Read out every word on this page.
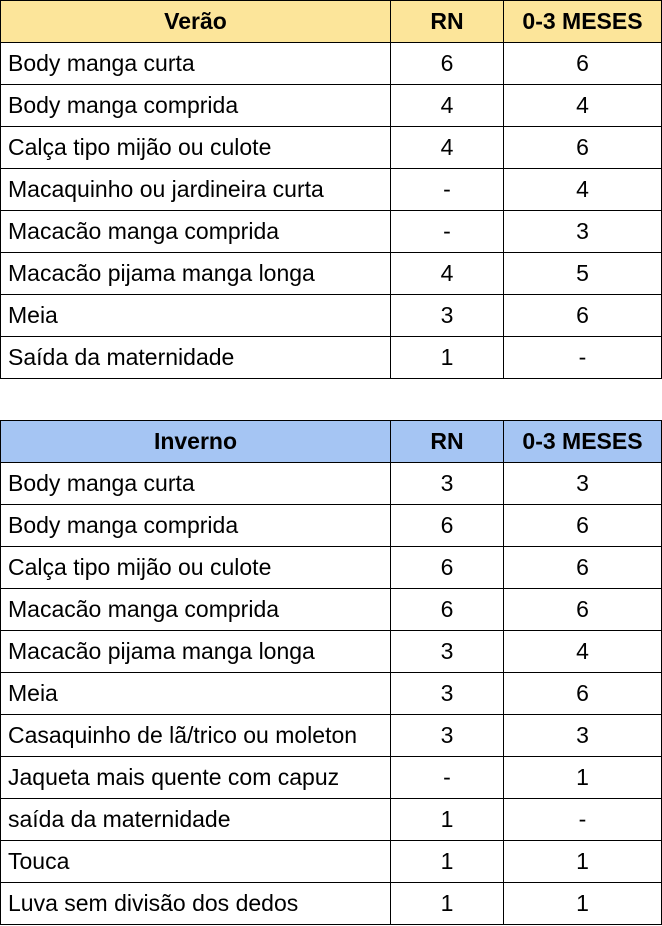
Verão	RN	0-3 MESES
Body manga curta	6	6
Body manga comprida	4	4
Calça tipo mijão ou culote	4	6
Macaquinho ou jardineira curta	-	4
Macacão manga comprida	-	3
Macacão pijama manga longa	4	5
Meia	3	6
Saída da maternidade	1	-
Inverno	RN	0-3 MESES
Body manga curta	3	3
Body manga comprida	6	6
Calça tipo mijão ou culote	6	6
Macacão manga comprida	6	6
Macacão pijama manga longa	3	4
Meia	3	6
Casaquinho de lã/trico ou moleton	3	3
Jaqueta mais quente com capuz	-	1
saída da maternidade	1	-
Touca	1	1
Luva sem divisão dos dedos	1	1
